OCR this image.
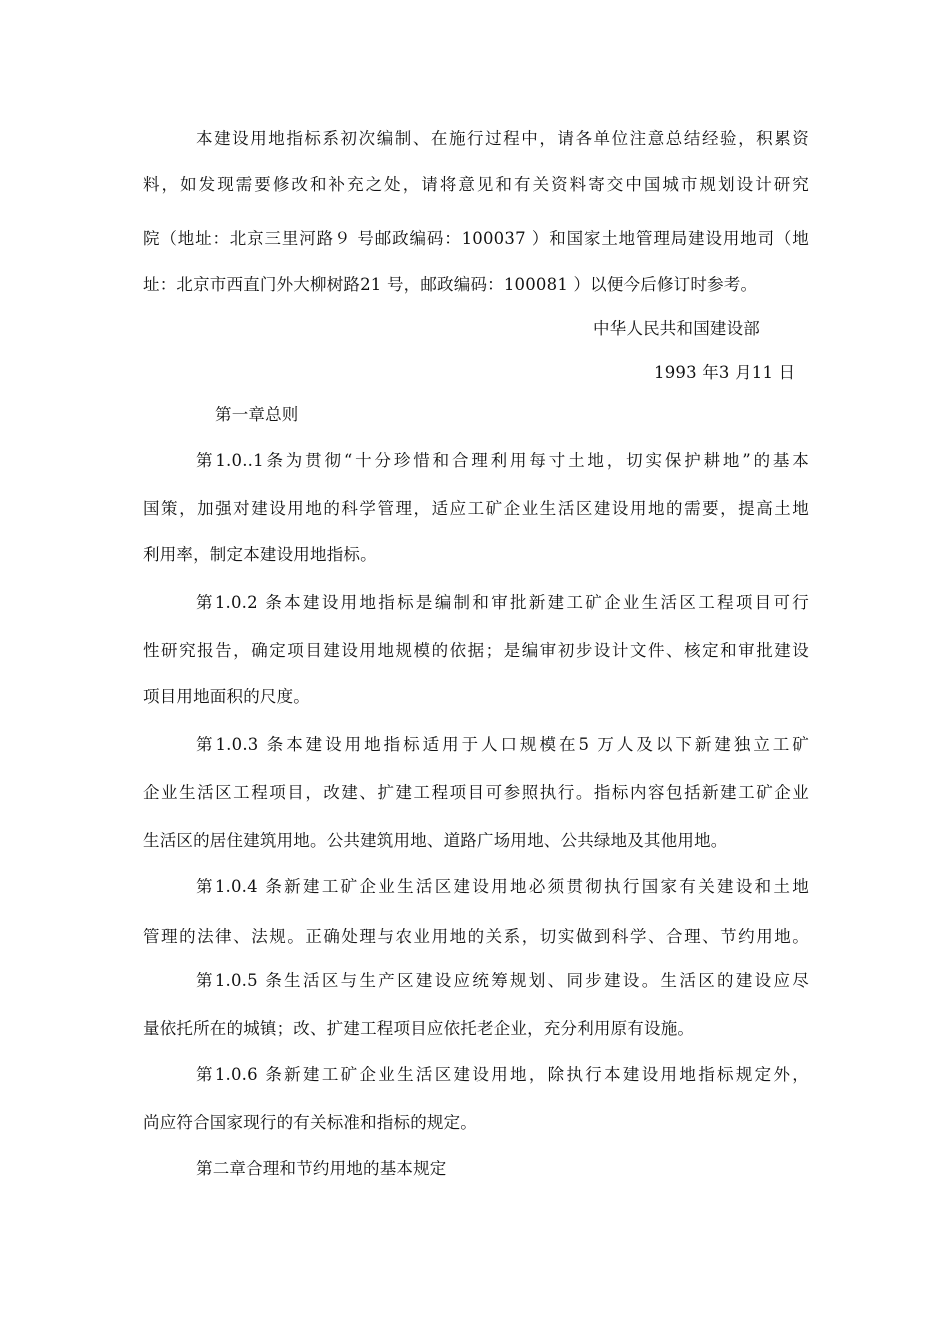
本建设用地指标系初次编制、在施行过程中，请各单位注意总结经验，积累资
料，如发现需要修改和补充之处，请将意见和有关资料寄交中国城市规划设计研究
院（地址：北京三里河路９ 号邮政编码：100037 ）和国家土地管理局建设用地司（地
址：北京市西直门外大柳树路21 号，邮政编码：100081 ）以便今后修订时参考。
中华人民共和国建设部
1993 年3 月11 日
第一章总则
第1.0..1条为贯彻“十分珍惜和合理利用每寸土地，切实保护耕地”的基本
国策，加强对建设用地的科学管理，适应工矿企业生活区建设用地的需要，提高土地
利用率，制定本建设用地指标。
第1.0.2 条本建设用地指标是编制和审批新建工矿企业生活区工程项目可行
性研究报告，确定项目建设用地规模的依据；是编审初步设计文件、核定和审批建设
项目用地面积的尺度。
第1.0.3 条本建设用地指标适用于人口规模在5 万人及以下新建独立工矿
企业生活区工程项目，改建、扩建工程项目可参照执行。指标内容包括新建工矿企业
生活区的居住建筑用地。公共建筑用地、道路广场用地、公共绿地及其他用地。
第1.0.4 条新建工矿企业生活区建设用地必须贯彻执行国家有关建设和土地
管理的法律、法规。正确处理与农业用地的关系，切实做到科学、合理、节约用地。
第1.0.5 条生活区与生产区建设应统筹规划、同步建设。生活区的建设应尽
量依托所在的城镇；改、扩建工程项目应依托老企业，充分利用原有设施。
第1.0.6 条新建工矿企业生活区建设用地，除执行本建设用地指标规定外，
尚应符合国家现行的有关标准和指标的规定。
第二章合理和节约用地的基本规定
